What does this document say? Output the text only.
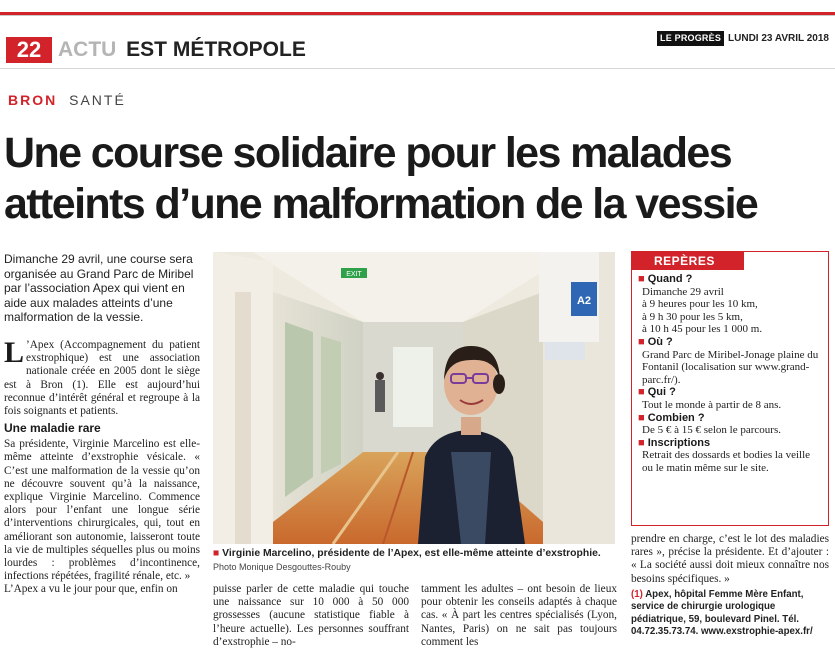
22 ACTU EST MÉTROPOLE	LE PROGRÈS LUNDI 23 AVRIL 2018
BRON SANTÉ
Une course solidaire pour les malades
atteints d’une malformation de la vessie
Dimanche 29 avril, une course sera organisée au Grand Parc de Miribel par l’association Apex qui vient en aide aux malades atteints d’une malformation de la vessie.

L ’Apex (Accompagnement du patient exstrophique) est une association nationale créée en 2005 dont le siège est à Bron (1). Elle est aujourd’hui reconnue d’intérêt général et regroupe à la fois soignants et patients.

Une maladie rare

Sa présidente, Virginie Marcelino est elle-même atteinte d’exstrophie vésicale. « C’est une malformation de la vessie qu’on ne découvre souvent qu’à la naissance, explique Virginie Marcelino. Commence alors pour l’enfant une longue série d’interventions chirurgicales, qui, tout en améliorant son autonomie, laisseront toute la vie de multiples séquelles plus ou moins lourdes : problèmes d’incontinence, infections répétées, fragilité rénale, etc. »

L’Apex a vu le jour pour que, enfin on

EXIT
A2
■ Virginie Marcelino, présidente de l’Apex, est elle-même atteinte d’exstrophie.
Photo Monique Desgouttes-Rouby
puisse parler de cette maladie qui touche une naissance sur 10 000 à 50 000 grossesses (aucune statistique fiable à l’heure actuelle). Les personnes souffrant d’exstrophie – no-
tamment les adultes – ont besoin de lieux pour obtenir les conseils adaptés à chaque cas. « À part les centres spécialisés (Lyon, Nantes, Paris) on ne sait pas toujours comment les
REPÈRES
■ Quand ?
Dimanche 29 avril
à 9 heures pour les 10 km,
à 9 h 30 pour les 5 km,
à 10 h 45 pour les 1 000 m.
■ Où ?
Grand Parc de Miribel-Jonage plaine du Fontanil (localisation sur www.grand-parc.fr/).
■ Qui ?
Tout le monde à partir de 8 ans.
■ Combien ?
De 5 € à 15 € selon le parcours.
■ Inscriptions
Retrait des dossards et bodies la veille ou le matin même sur le site.

prendre en charge, c’est le lot des maladies rares », précise la présidente. Et d’ajouter : « La société aussi doit mieux connaître nos besoins spécifiques. »

(1) Apex, hôpital Femme Mère Enfant, service de chirurgie urologique pédiatrique, 59, boulevard Pinel. Tél. 04.72.35.73.74. www.exstrophie-apex.fr/
